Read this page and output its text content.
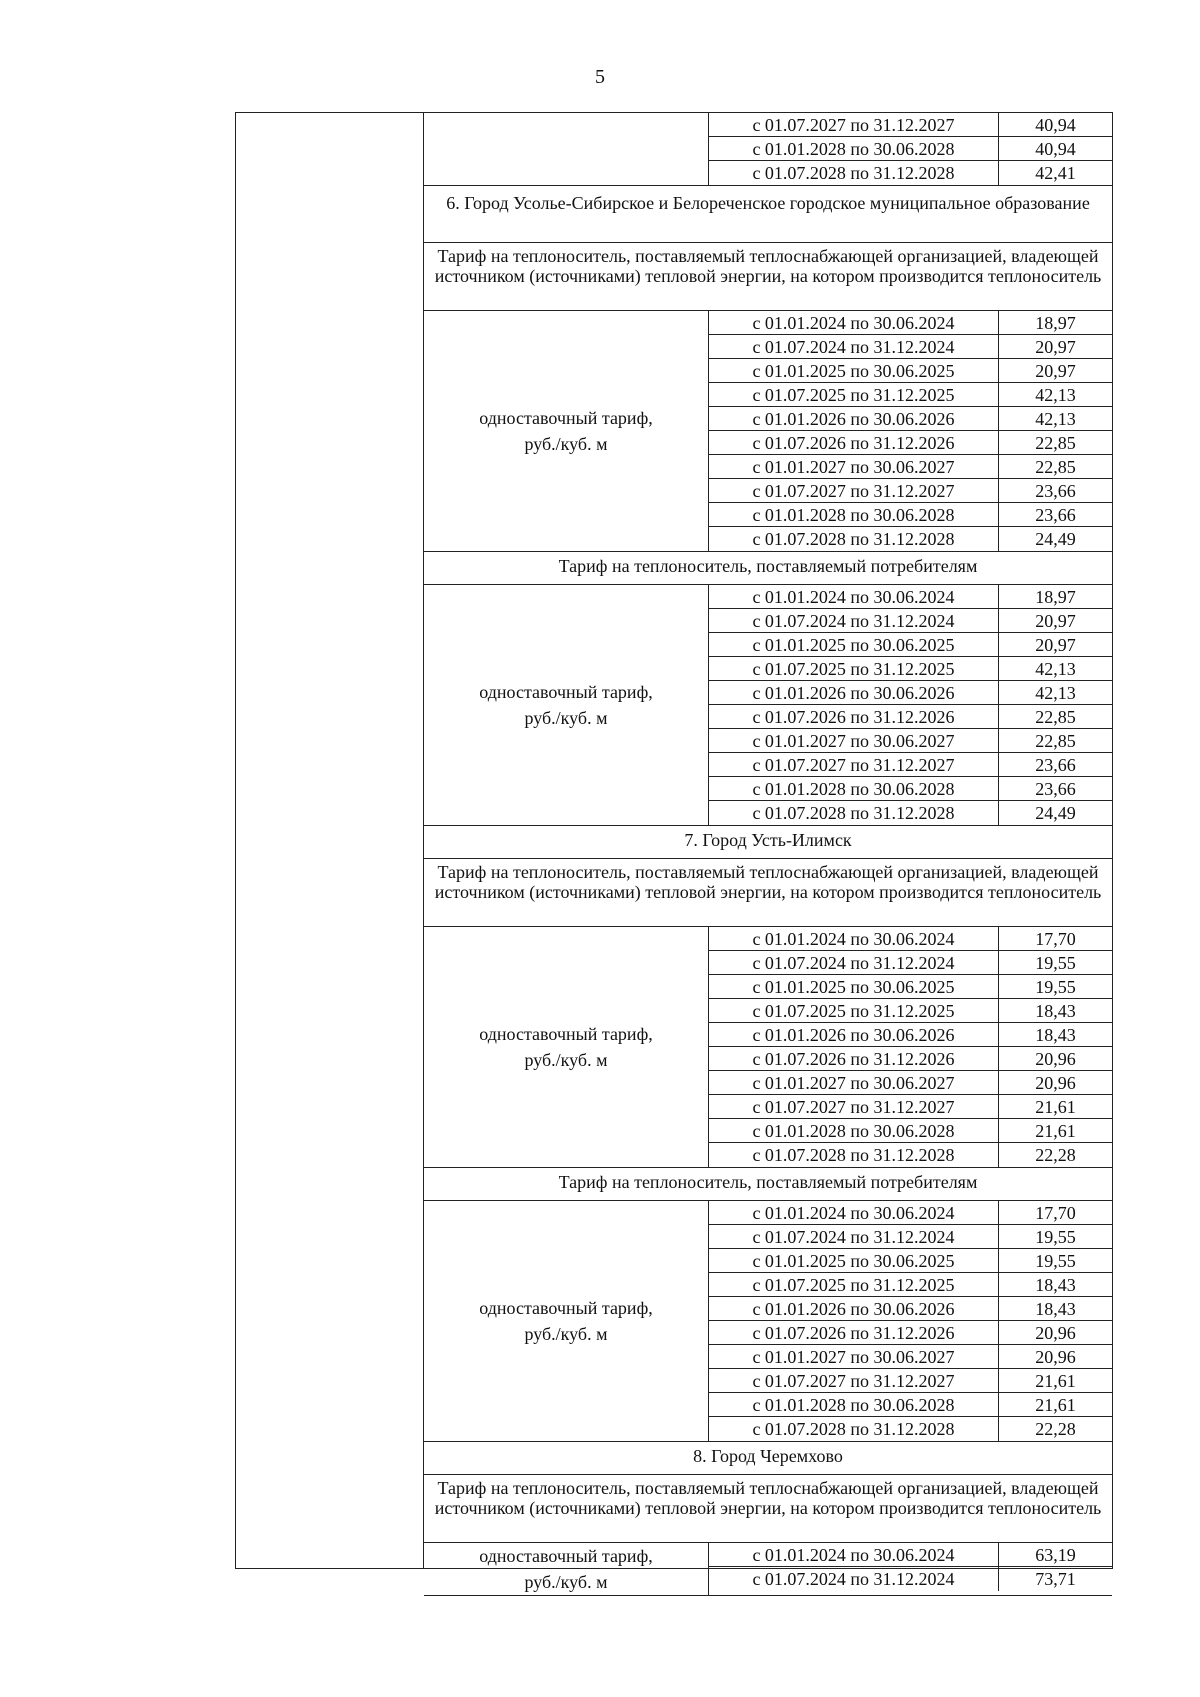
5
с 01.07.2027 по 31.12.2027	40,94
с 01.01.2028 по 30.06.2028	40,94
с 01.07.2028 по 31.12.2028	42,41
6. Город Усолье-Сибирское и Белореченское городское муниципальное образование
Тариф на теплоноситель, поставляемый теплоснабжающей организацией, владеющей источником (источниками) тепловой энергии, на котором производится теплоноситель
одноставочный тариф,
руб./куб. м
с 01.01.2024 по 30.06.2024	18,97
с 01.07.2024 по 31.12.2024	20,97
с 01.01.2025 по 30.06.2025	20,97
с 01.07.2025 по 31.12.2025	42,13
с 01.01.2026 по 30.06.2026	42,13
с 01.07.2026 по 31.12.2026	22,85
с 01.01.2027 по 30.06.2027	22,85
с 01.07.2027 по 31.12.2027	23,66
с 01.01.2028 по 30.06.2028	23,66
с 01.07.2028 по 31.12.2028	24,49
Тариф на теплоноситель, поставляемый потребителям
одноставочный тариф,
руб./куб. м
с 01.01.2024 по 30.06.2024	18,97
с 01.07.2024 по 31.12.2024	20,97
с 01.01.2025 по 30.06.2025	20,97
с 01.07.2025 по 31.12.2025	42,13
с 01.01.2026 по 30.06.2026	42,13
с 01.07.2026 по 31.12.2026	22,85
с 01.01.2027 по 30.06.2027	22,85
с 01.07.2027 по 31.12.2027	23,66
с 01.01.2028 по 30.06.2028	23,66
с 01.07.2028 по 31.12.2028	24,49
7. Город Усть-Илимск
Тариф на теплоноситель, поставляемый теплоснабжающей организацией, владеющей источником (источниками) тепловой энергии, на котором производится теплоноситель
одноставочный тариф,
руб./куб. м
с 01.01.2024 по 30.06.2024	17,70
с 01.07.2024 по 31.12.2024	19,55
с 01.01.2025 по 30.06.2025	19,55
с 01.07.2025 по 31.12.2025	18,43
с 01.01.2026 по 30.06.2026	18,43
с 01.07.2026 по 31.12.2026	20,96
с 01.01.2027 по 30.06.2027	20,96
с 01.07.2027 по 31.12.2027	21,61
с 01.01.2028 по 30.06.2028	21,61
с 01.07.2028 по 31.12.2028	22,28
Тариф на теплоноситель, поставляемый потребителям
одноставочный тариф,
руб./куб. м
с 01.01.2024 по 30.06.2024	17,70
с 01.07.2024 по 31.12.2024	19,55
с 01.01.2025 по 30.06.2025	19,55
с 01.07.2025 по 31.12.2025	18,43
с 01.01.2026 по 30.06.2026	18,43
с 01.07.2026 по 31.12.2026	20,96
с 01.01.2027 по 30.06.2027	20,96
с 01.07.2027 по 31.12.2027	21,61
с 01.01.2028 по 30.06.2028	21,61
с 01.07.2028 по 31.12.2028	22,28
8. Город Черемхово
Тариф на теплоноситель, поставляемый теплоснабжающей организацией, владеющей источником (источниками) тепловой энергии, на котором производится теплоноситель
одноставочный тариф,
руб./куб. м
с 01.01.2024 по 30.06.2024	63,19
с 01.07.2024 по 31.12.2024	73,71
